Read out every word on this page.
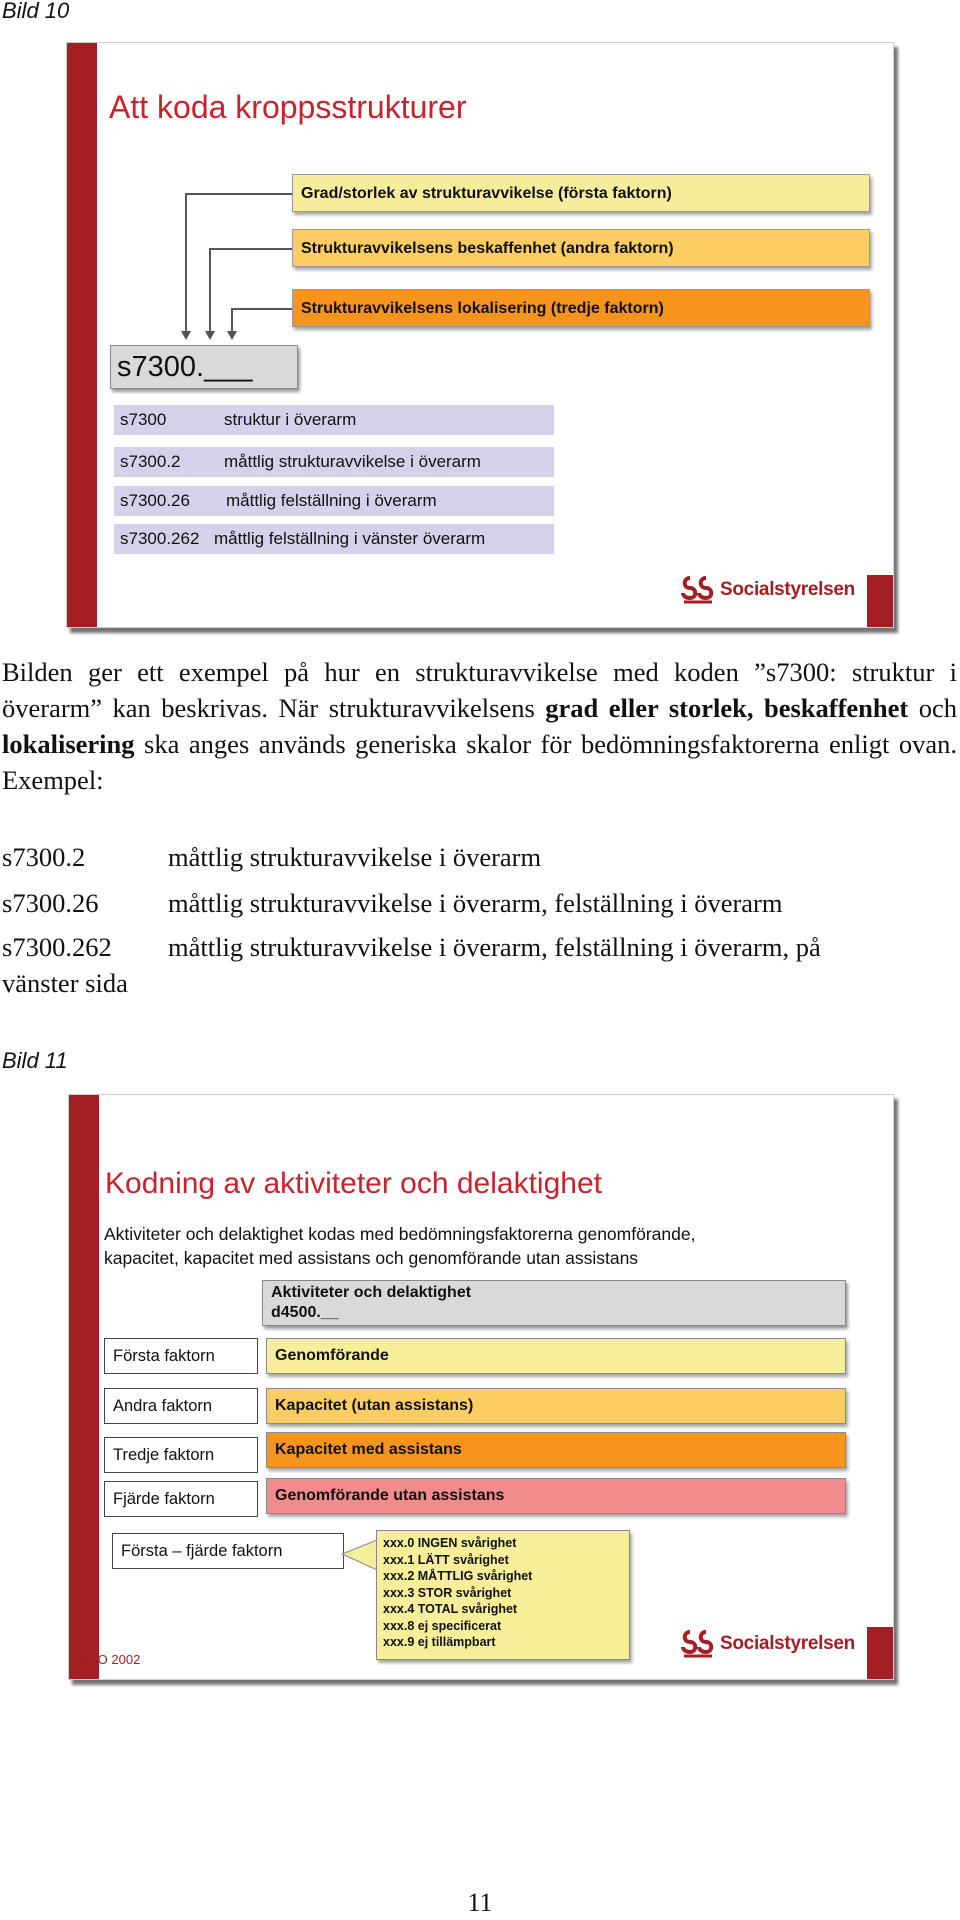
Bild 10
Att koda kroppsstrukturer
Grad/storlek av strukturavvikelse (första faktorn)
Strukturavvikelsens beskaffenhet (andra faktorn)
Strukturavvikelsens lokalisering (tredje faktorn)
s7300.___
s7300	struktur i överarm
s7300.2	måttlig strukturavvikelse i överarm
s7300.26 måttlig felställning i överarm
s7300.262 måttlig felställning i vänster överarm
Socialstyrelsen
Bilden ger ett exempel på hur en strukturavvikelse med koden ”s7300: struktur i överarm” kan beskrivas. När strukturavvikelsens grad eller storlek, beskaffenhet och lokalisering ska anges används generiska skalor för bedömningsfaktorerna enligt ovan. Exempel:
s7300.2	måttlig strukturavvikelse i överarm
s7300.26	måttlig strukturavvikelse i överarm, felställning i överarm
s7300.262 måttlig strukturavvikelse i överarm, felställning i överarm, på
vänster sida
Bild 11
Kodning av aktiviteter och delaktighet
Aktiviteter och delaktighet kodas med bedömningsfaktorerna genomförande,
kapacitet, kapacitet med assistans och genomförande utan assistans
Aktiviteter och delaktighet
d4500.__
Första faktorn	Genomförande
Andra faktorn	Kapacitet (utan assistans)
Tredje faktorn	Kapacitet med assistans
Fjärde faktorn	Genomförande utan assistans
Första – fjärde faktorn	xxx.0 INGEN svårighet
xxx.1 LÄTT svårighet
xxx.2 MÅTTLIG svårighet
xxx.3 STOR svårighet
xxx.4 TOTAL svårighet
xxx.8 ej specificerat
xxx.9 ej tillämpbart
WHO 2002
Socialstyrelsen
11
